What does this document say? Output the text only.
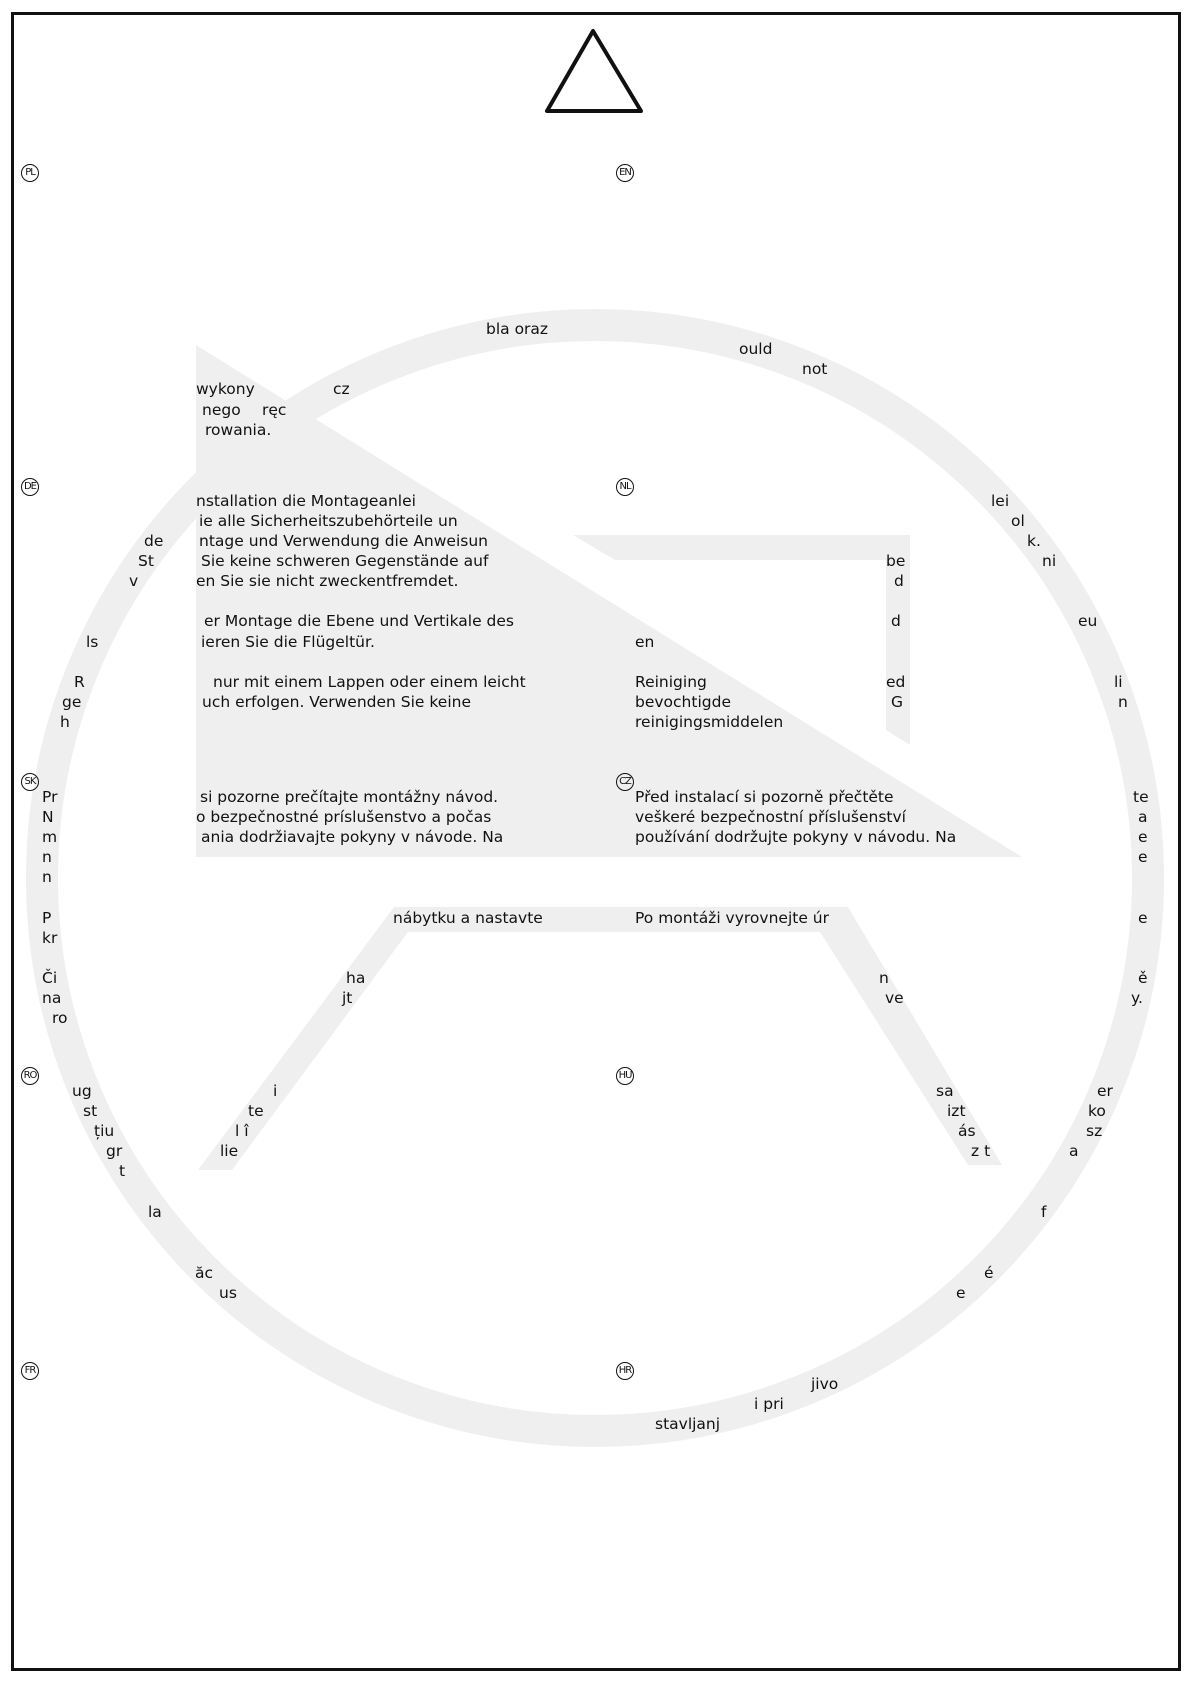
PL	EN
DE	NL
SK	CZ
RO	HU
FR	HR
bla oraz
wykony	cz
nego ręc
rowania.
ould
not
nstallation die Montageanlei
ie alle Sicherheitszubehörteile un
ntage und Verwendung die Anweisun
Sie keine schweren Gegenstände auf
en Sie sie nicht zweckentfremdet.
er Montage die Ebene und Vertikale des
ieren Sie die Flügeltür.
nur mit einem Lappen oder einem leicht
uch erfolgen. Verwenden Sie keine
de
St
v
ls
R
ge
h
lei
ol
k.
ni
be
d
d	eu
en
Reiniging	ed	li
bevochtigde	G	n
reinigingsmiddelen
si pozorne prečítajte montážny návod.
o bezpečnostné príslušenstvo a počas
ania dodržiavajte pokyny v návode. Na
nábytku a nastavte
ha
jt
Pr
N
m
n
n
P
kr
Či
na
ro
Před instalací si pozorně přečtěte
veškeré bezpečnostní příslušenství
používání dodržujte pokyny v návodu. Na
Po montáži vyrovnejte úr
n
ve
te
a
e
e
e
ě
y.
ug	i
st	te
țiu	l î
gr	lie
t
la
ăc
us
sa	er
izt	ko
ás	sz
z t	a
f
é
e
jivo
i pri
stavljanj
